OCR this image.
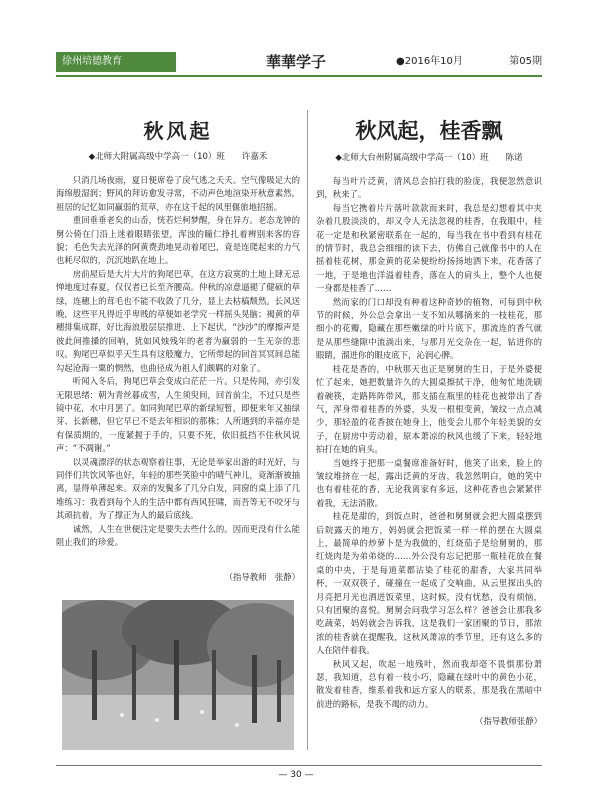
徐州培德教育	華華学子	●2016年10月	第05期
秋风起
◆北师大附属高级中学高一（10）班　　许嘉禾

只消几场夜雨，夏日便席卷了戾气逃之夭夭。空气像吸足大的海绵般湿润；野风的拜访愈发寻常，不动声色地渲染开秋意素然，祖居的记忆如同赢弱的荒草，亦在这千起的风里偃旅地招摇。

重回垂垂老矣的山岙，恍若烂柯梦醒，身在异方。老态龙钟的舅公倚在门沿上迷着眼睛张望，浑浊的瞳仁挣扎着辨别来客的容貌；毛色失去光泽的阿黄费劲地晃动着尾巴，竟是连爬起来的力气也耗尽似的，沉沉地趴在地上。

房前屋后是大片大片的狗尾巴草，在这方寂寞的土地上肆无忌惮地度过春夏，仅仅者已长至齐腰高。仲秋的凉意逼褪了健硕的草绿，连穗上的茸毛也不能不收敛了几分，显上去枯槁颓然。长风送晚，这些平凡得近乎卑贱的草便如老学究一样摇头晃脑；褐黄的草穗排集成群，好比海浪般层层推进、上下起伏，“沙沙”的摩擦声是彼此间推搡的回响，犹如风烛残年的老者为羸弱的一生无奈的悲叹。狗尾巴草似乎天生具有这般魔力，它所带起的回首冥冥间总能勾起沧海一粟的惘然，也曲径成为祖人们颇羁的对象了。

听闻入冬后，狗尾巴草会变成白茫茫一片。只是传闻，亦引发无限思绪：朝为青丝暮成雪，人生须臾间，回首前尘，不过只是些镜中花，水中月罢了。如同狗尾巴草的新绿短暂，即便来年又抽绿芽、长新穗，但它早已不是去年相识的那株；人所遇到的幸福亦是有保质期的，一度紧握于手的，只要不死，依旧抵挡不住秋风说声：“不凋谢。”

以灵魂漂浮的状态观察着往事，无论是举家出游的时光好，与同伴们共饮风筝也好，年轻的那些笑脸中的晴气神儿，竟渐渐被抽离，显得单薄起来。双亲的发鬓多了几分白发，同窗的桌上添了几堆练习：我看到每个人的生活中都有西风狂啸，而吾等无不咬牙与其顽抗着，为了撑正为人的最后底线。

诚然，人生在世便注定是要失去些什么的。因而更没有什么能阻止我们的珍爱。

（指导教师　张静）
秋风起，桂香飘
◆北师大台州附属高级中学高一（10）班　　陈诺

每当叶片泛黄，清风总会拍打我的脸庞，我便忽然意识到，秋来了。

每当它携着片片落叶款款而来时，我总是幻想着其中夹杂着几股淡淡的，却又令人无法忽视的桂香，在我眼中，桂花一定是和秋紧密联系在一起的，每当我在书中看到有桂花的情节时，我总会细细的读下去，仿佛自己就像书中的人在摇着桂花树，那金黄的花朵便纷纷扬扬地洒下来，花香落了一地，于是地也洋溢着桂香，落在人的肩头上，整个人也便一身都是桂香了……

然而家的门口却没有种着这种奇妙的植物，可每到中秋节的时候，外公总会拿出一支不知从哪摘来的一枝桂花，那细小的花瓣，隐藏在那些嫩绿的叶片底下，那流连的香气就是从那些缝隙中流淌出来，与那月光交杂在一起，钻进你的眼睛，溜进你的眼皮底下，沁润心脾。

桂花是香的，中秋那天也正是舅舅的生日，于是外婆便忙了起来，她把数量许久的大圆桌擦拭干净，他匆忙地洗刷着碗筷，走路阵阵带风，那支插在瓶里的桂花也被带出了香气，浑身带着桂香的外婆，头发一根根变黄，皱纹一点点减少，那轻盈的花香披在她身上，他变会儿那个年轻美貌的女子，在厨房中劳动着，原本萧凉的秋风也缓了下来，轻轻地拍打在她的肩头。

当她终于把那一桌餐席准备好时，他笑了出来，脸上的皱纹堆挤在一起，露出泛黄的牙齿，我忽然明白，她的笑中也有着桂花的香，无论我离家有多远，这种花香也会紧紧伴着我，无法消散。

桂花是甜的，到饭点时，爸爸和舅舅就会把大圆桌摆到后院露天的地方，妈妈就会把饭菜一样一样的摆在大圆桌上，最简单的炒萝卜是为我做的，红烧茄子是给舅舅的，那红烧肉是为弟弟烧的……外公没有忘记把那一瓶桂花放在餐桌的中央，于是每道菜都沾染了桂花的甜香，大家共同举杯，一双双筷子，碰撞在一起成了交响曲，从云里探出头的月亮把月光也洒进饭菜里，这时候，没有忧愁，没有烦恼，只有团聚的喜悦。舅舅会问我学习怎么样？爸爸会让那我多吃蔬菜，妈妈就会告诉我，这是我们一家团聚的节日，那浓浓的桂香就在提醒我，这秋风萧凉的季节里，还有这么多的人在陪伴着我。

秋风又起，吹起一地残叶，然而我却毫不畏惧那份萧瑟，我知道，总有着一枝小巧，隐藏在绿叶中的黄色小花，散发着桂香，维系着我和远方家人的联系，那是我在黑暗中前进的路标，是我不竭的动力。

（指导教师张静）
— 30 —
